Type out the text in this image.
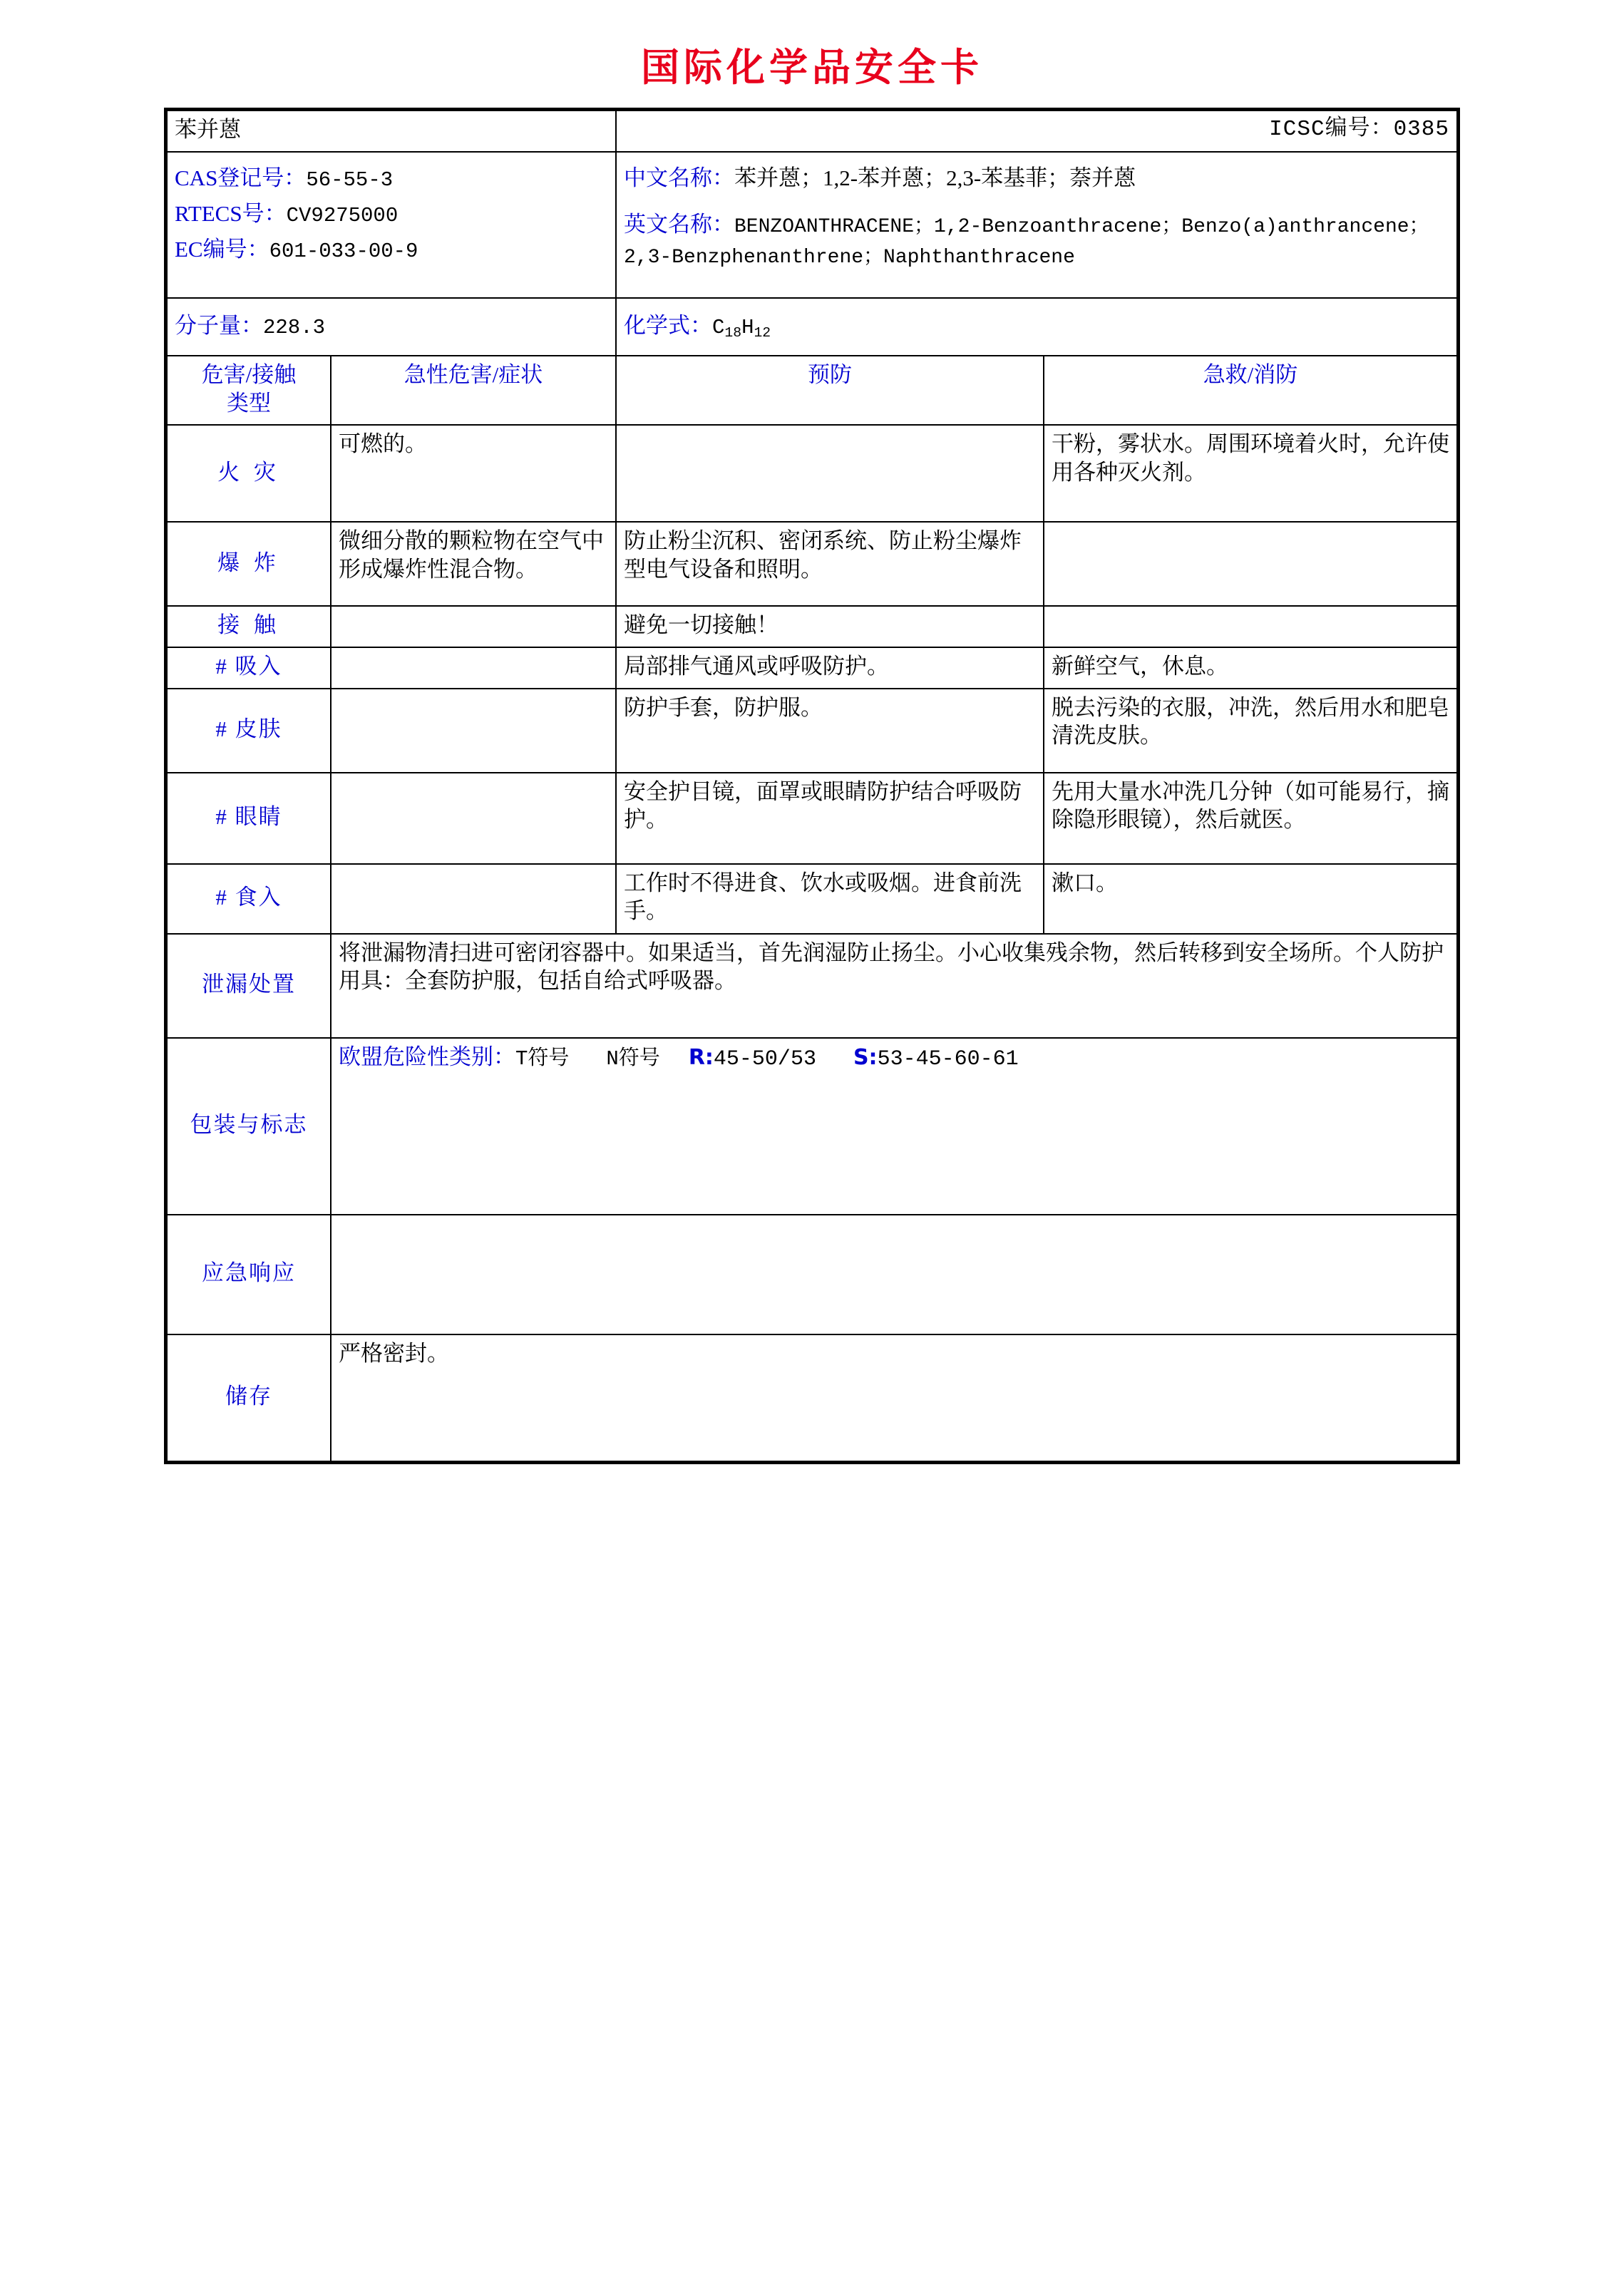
国际化学品安全卡
苯并蒽		ICSC编号：0385	

CAS登记号：56-55-3
RTECS号：CV9275000
EC编号：601-033-00-9

中文名称：苯并蒽；1,2-苯并蒽；2,3-苯基菲；萘并蒽
英文名称：BENZOANTHRACENE；1,2-Benzoanthracene；Benzo(a)anthrancene；2,3-Benzphenanthrene；Naphthanthracene

分子量：228.3		化学式：$C_{18}H_{12}$
危害/接触
类型	急性危害/症状	预防	急救/消防
火 灾	可燃的。		干粉，雾状水。周围环境着火时，允许使用各种灭火剂。
爆 炸	微细分散的颗粒物在空气中形成爆炸性混合物。	防止粉尘沉积、密闭系统、防止粉尘爆炸型电气设备和照明。	
接 触		避免一切接触！	
# 吸入		局部排气通风或呼吸防护。	新鲜空气，休息。
# 皮肤		防护手套，防护服。	脱去污染的衣服，冲洗，然后用水和肥皂清洗皮肤。
# 眼睛		安全护目镜，面罩或眼睛防护结合呼吸防护。	先用大量水冲洗几分钟（如可能易行，摘除隐形眼镜），然后就医。
# 食入		工作时不得进食、饮水或吸烟。进食前洗手。	漱口。
泄漏处置	将泄漏物清扫进可密闭容器中。如果适当，首先润湿防止扬尘。小心收集残余物，然后转移到安全场所。个人防护用具：全套防护服，包括自给式呼吸器。		
包装与标志	欧盟危险性类别：T符号 N符号 R:45-50/53 S:53-45-60-61		

应急响应			
储存	严格密封。		
